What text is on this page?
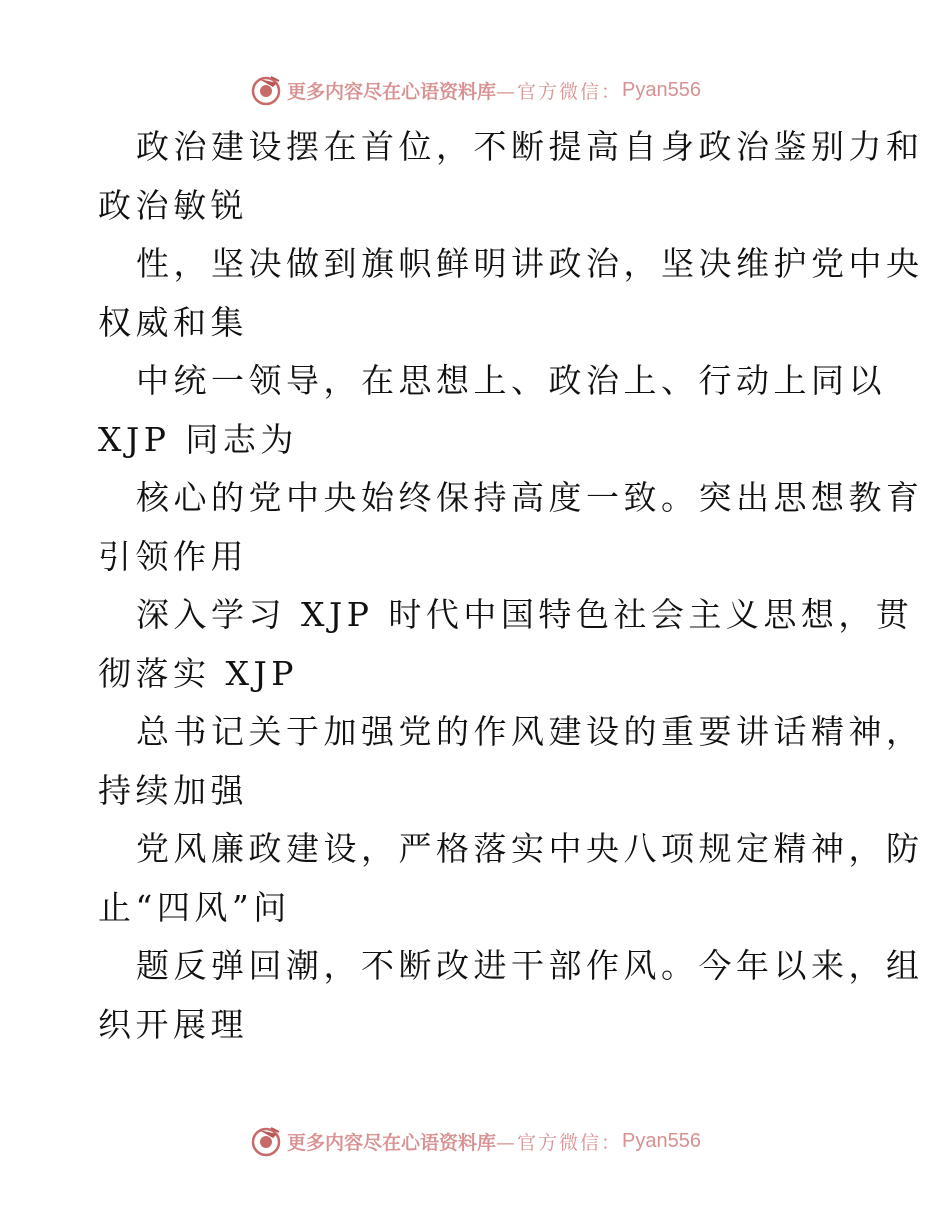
更多内容尽在心语资料库 —官方微信： Pyan556
政治建设摆在首位，不断提高自身政治鉴别力和
政治敏锐
性，坚决做到旗帜鲜明讲政治，坚决维护党中央
权威和集
中统一领导，在思想上、政治上、行动上同以
XJP 同志为
核心的党中央始终保持高度一致。突出思想教育
引领作用
深入学习 XJP 时代中国特色社会主义思想，贯
彻落实 XJP
总书记关于加强党的作风建设的重要讲话精神，
持续加强
党风廉政建设，严格落实中央八项规定精神，防
止“四风”问
题反弹回潮，不断改进干部作风。今年以来，组
织开展理
更多内容尽在心语资料库 —官方微信： Pyan556
